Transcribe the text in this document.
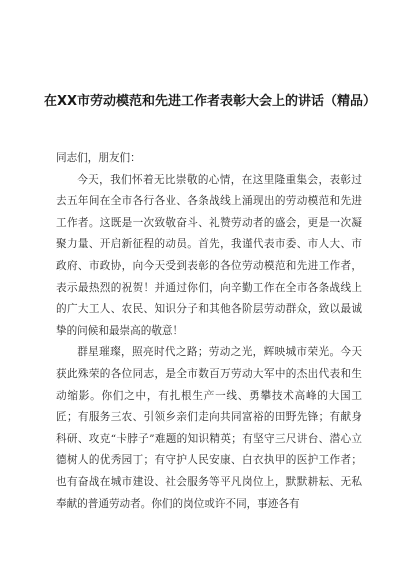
在XX市劳动模范和先进工作者表彰大会上的讲话（精品）

同志们，朋友们：

今天，我们怀着无比崇敬的心情，在这里隆重集会，表彰过去五年间在全市各行各业、各条战线上涌现出的劳动模范和先进工作者。这既是一次致敬奋斗、礼赞劳动者的盛会，更是一次凝聚力量、开启新征程的动员。首先，我谨代表市委、市人大、市政府、市政协，向今天受到表彰的各位劳动模范和先进工作者，表示最热烈的祝贺！并通过你们，向辛勤工作在全市各条战线上的广大工人、农民、知识分子和其他各阶层劳动群众，致以最诚挚的问候和最崇高的敬意！

群星璀璨，照亮时代之路；劳动之光，辉映城市荣光。今天获此殊荣的各位同志，是全市数百万劳动大军中的杰出代表和生动缩影。你们之中，有扎根生产一线、勇攀技术高峰的大国工匠；有服务三农、引领乡亲们走向共同富裕的田野先锋；有献身科研、攻克“卡脖子”难题的知识精英；有坚守三尺讲台、潜心立德树人的优秀园丁；有守护人民安康、白衣执甲的医护工作者；也有奋战在城市建设、社会服务等平凡岗位上，默默耕耘、无私奉献的普通劳动者。你们的岗位或许不同，事迹各有
